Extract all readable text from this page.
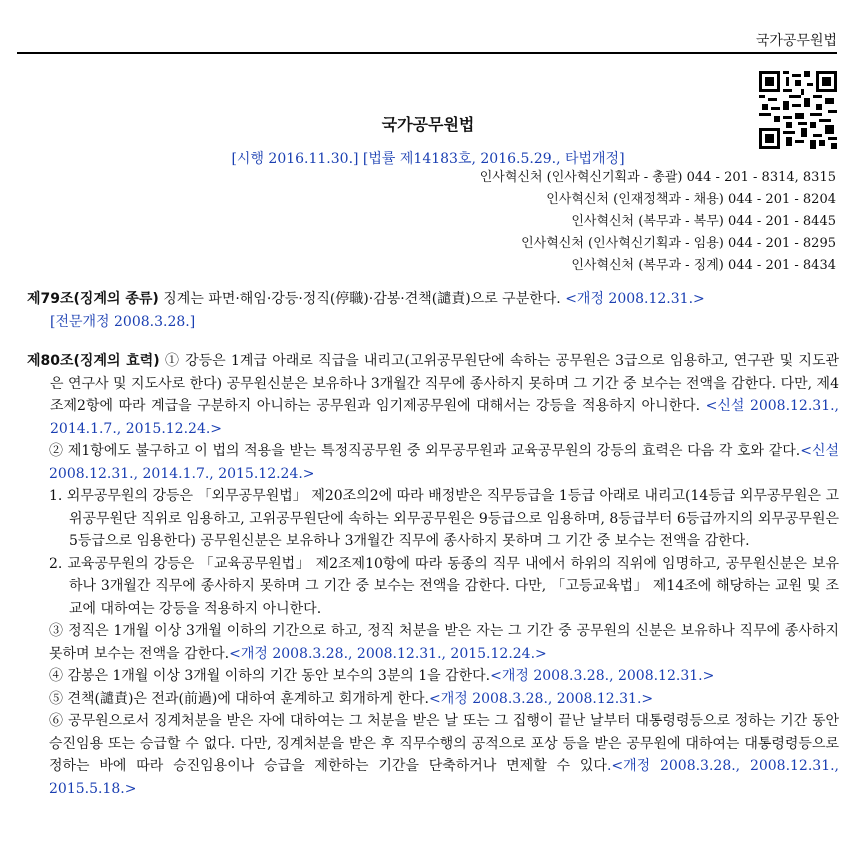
국가공무원법
국가공무원법
[시행 2016.11.30.] [법률 제14183호, 2016.5.29., 타법개정]
인사혁신처 (인사혁신기획과 - 총괄) 044 - 201 - 8314, 8315
인사혁신처 (인재정책과 - 채용) 044 - 201 - 8204
인사혁신처 (복무과 - 복무) 044 - 201 - 8445
인사혁신처 (인사혁신기획과 - 임용) 044 - 201 - 8295
인사혁신처 (복무과 - 징계) 044 - 201 - 8434
제79조(징계의 종류) 징계는 파면·해임·강등·정직(停職)·감봉·견책(譴責)으로 구분한다. <개정 2008.12.31.>
[전문개정 2008.3.28.]
제80조(징계의 효력) ① 강등은 1계급 아래로 직급을 내리고(고위공무원단에 속하는 공무원은 3급으로 임용하고, 연구관 및 지도관은 연구사 및 지도사로 한다) 공무원신분은 보유하나 3개월간 직무에 종사하지 못하며 그 기간 중 보수는 전액을 감한다. 다만, 제4조제2항에 따라 계급을 구분하지 아니하는 공무원과 임기제공무원에 대해서는 강등을 적용하지 아니한다. <신설 2008.12.31., 2014.1.7., 2015.12.24.>
② 제1항에도 불구하고 이 법의 적용을 받는 특정직공무원 중 외무공무원과 교육공무원의 강등의 효력은 다음 각 호와 같다.<신설 2008.12.31., 2014.1.7., 2015.12.24.>
1. 외무공무원의 강등은 「외무공무원법」 제20조의2에 따라 배정받은 직무등급을 1등급 아래로 내리고(14등급 외무공무원은 고위공무원단 직위로 임용하고, 고위공무원단에 속하는 외무공무원은 9등급으로 임용하며, 8등급부터 6등급까지의 외무공무원은 5등급으로 임용한다) 공무원신분은 보유하나 3개월간 직무에 종사하지 못하며 그 기간 중 보수는 전액을 감한다.
2. 교육공무원의 강등은 「교육공무원법」 제2조제10항에 따라 동종의 직무 내에서 하위의 직위에 임명하고, 공무원신분은 보유하나 3개월간 직무에 종사하지 못하며 그 기간 중 보수는 전액을 감한다. 다만, 「고등교육법」 제14조에 해당하는 교원 및 조교에 대하여는 강등을 적용하지 아니한다.
③ 정직은 1개월 이상 3개월 이하의 기간으로 하고, 정직 처분을 받은 자는 그 기간 중 공무원의 신분은 보유하나 직무에 종사하지 못하며 보수는 전액을 감한다.<개정 2008.3.28., 2008.12.31., 2015.12.24.>
④ 감봉은 1개월 이상 3개월 이하의 기간 동안 보수의 3분의 1을 감한다.<개정 2008.3.28., 2008.12.31.>
⑤ 견책(譴責)은 전과(前過)에 대하여 훈계하고 회개하게 한다.<개정 2008.3.28., 2008.12.31.>
⑥ 공무원으로서 징계처분을 받은 자에 대하여는 그 처분을 받은 날 또는 그 집행이 끝난 날부터 대통령령등으로 정하는 기간 동안 승진임용 또는 승급할 수 없다. 다만, 징계처분을 받은 후 직무수행의 공적으로 포상 등을 받은 공무원에 대하여는 대통령령등으로 정하는 바에 따라 승진임용이나 승급을 제한하는 기간을 단축하거나 면제할 수 있다.<개정 2008.3.28., 2008.12.31., 2015.5.18.>
